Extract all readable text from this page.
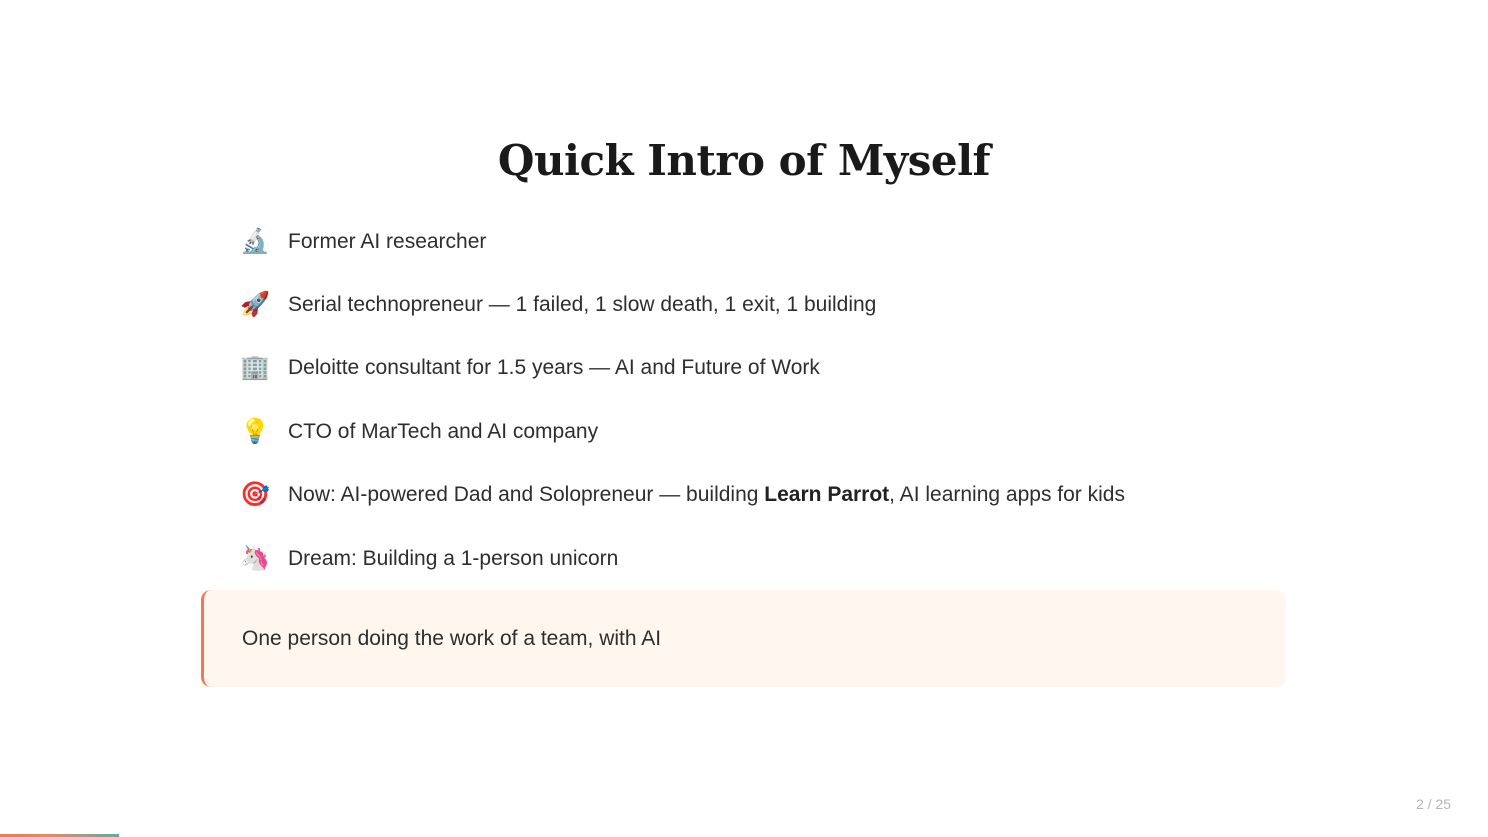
Quick Intro of Myself
🔬 Former AI researcher
🚀 Serial technopreneur — 1 failed, 1 slow death, 1 exit, 1 building
🏢 Deloitte consultant for 1.5 years — AI and Future of Work
💡 CTO of MarTech and AI company
🎯 Now: AI-powered Dad and Solopreneur — building Learn Parrot, AI learning apps for kids
🦄 Dream: Building a 1-person unicorn
One person doing the work of a team, with AI
2 / 25
